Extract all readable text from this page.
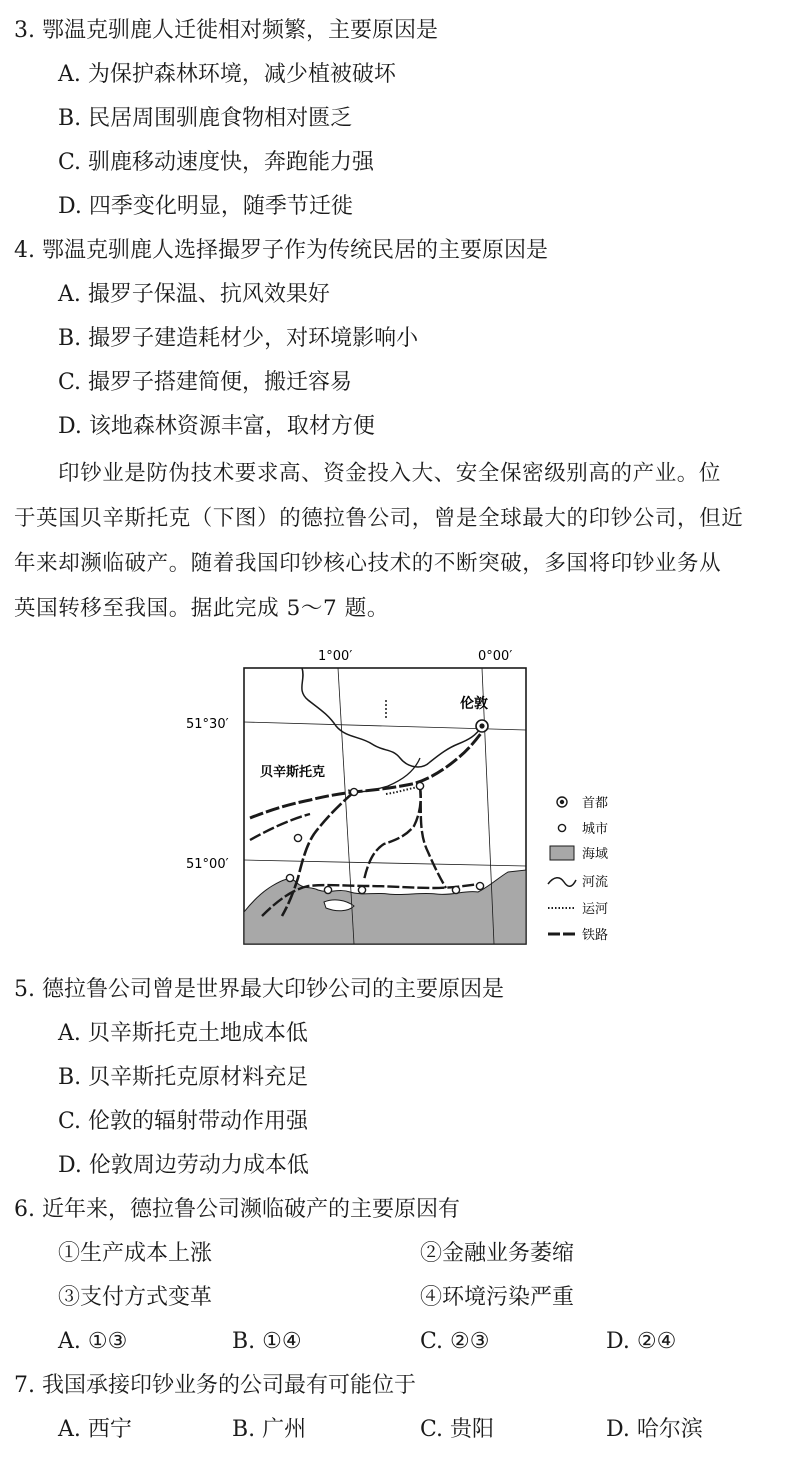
3. 鄂温克驯鹿人迁徙相对频繁，主要原因是
A. 为保护森林环境，减少植被破坏
B. 民居周围驯鹿食物相对匮乏
C. 驯鹿移动速度快，奔跑能力强
D. 四季变化明显，随季节迁徙
4. 鄂温克驯鹿人选择撮罗子作为传统民居的主要原因是
A. 撮罗子保温、抗风效果好
B. 撮罗子建造耗材少，对环境影响小
C. 撮罗子搭建简便，搬迁容易
D. 该地森林资源丰富，取材方便
印钞业是防伪技术要求高、资金投入大、安全保密级别高的产业。位
于英国贝辛斯托克（下图）的德拉鲁公司，曾是全球最大的印钞公司，但近
年来却濒临破产。随着我国印钞核心技术的不断突破，多国将印钞业务从
英国转移至我国。据此完成 5～7 题。
1°00′	0°00′
51°30′
51°00′
伦敦
贝辛斯托克
首都
城市
海域
河流
运河
铁路
5. 德拉鲁公司曾是世界最大印钞公司的主要原因是
A. 贝辛斯托克土地成本低
B. 贝辛斯托克原材料充足
C. 伦敦的辐射带动作用强
D. 伦敦周边劳动力成本低
6. 近年来，德拉鲁公司濒临破产的主要原因有
①生产成本上涨	②金融业务萎缩
③支付方式变革	④环境污染严重
A. ①③	B. ①④	C. ②③	D. ②④
7. 我国承接印钞业务的公司最有可能位于
A. 西宁	B. 广州	C. 贵阳	D. 哈尔滨
